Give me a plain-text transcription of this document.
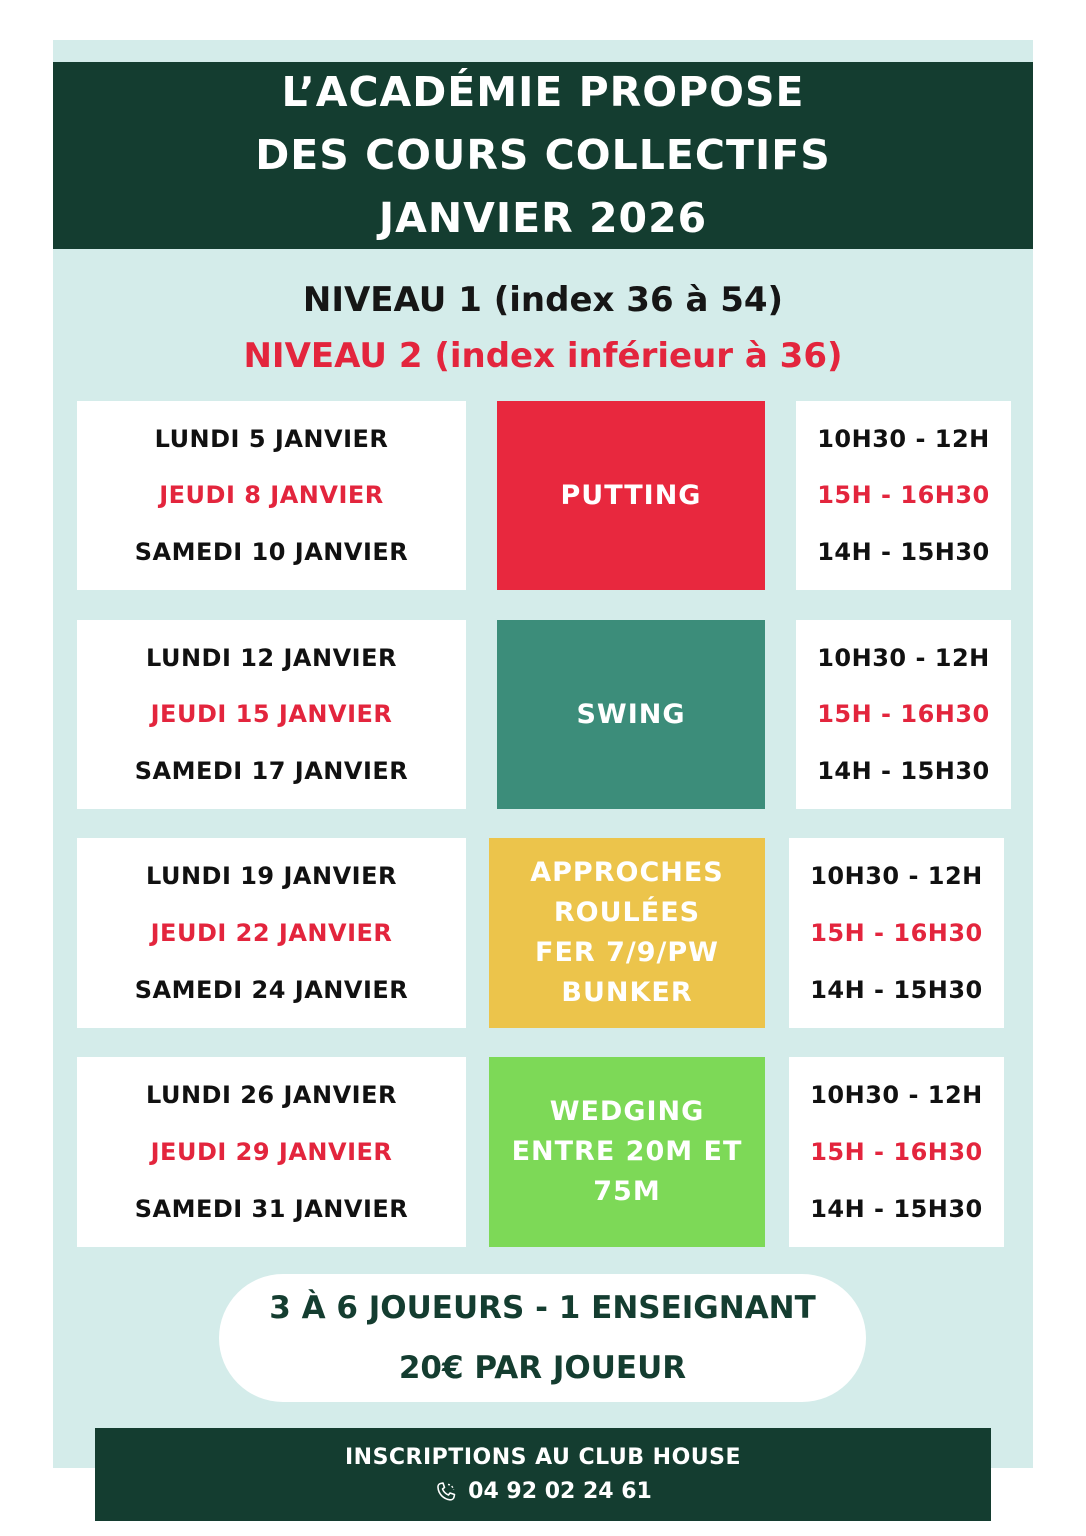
L’ACADÉMIE PROPOSE
DES COURS COLLECTIFS
JANVIER 2026
NIVEAU 1 (index 36 à 54)
NIVEAU 2 (index inférieur à 36)
LUNDI 5 JANVIER
JEUDI 8 JANVIER
SAMEDI 10 JANVIER
PUTTING
10H30 - 12H
15H - 16H30
14H - 15H30
LUNDI 12 JANVIER
JEUDI 15 JANVIER
SAMEDI 17 JANVIER
SWING
10H30 - 12H
15H - 16H30
14H - 15H30
LUNDI 19 JANVIER
JEUDI 22 JANVIER
SAMEDI 24 JANVIER
APPROCHES
ROULÉES
FER 7/9/PW
BUNKER
10H30 - 12H
15H - 16H30
14H - 15H30
LUNDI 26 JANVIER
JEUDI 29 JANVIER
SAMEDI 31 JANVIER
WEDGING
ENTRE 20M ET
75M
10H30 - 12H
15H - 16H30
14H - 15H30
3 À 6 JOUEURS - 1 ENSEIGNANT
20€ PAR JOUEUR
INSCRIPTIONS AU CLUB HOUSE
04 92 02 24 61
